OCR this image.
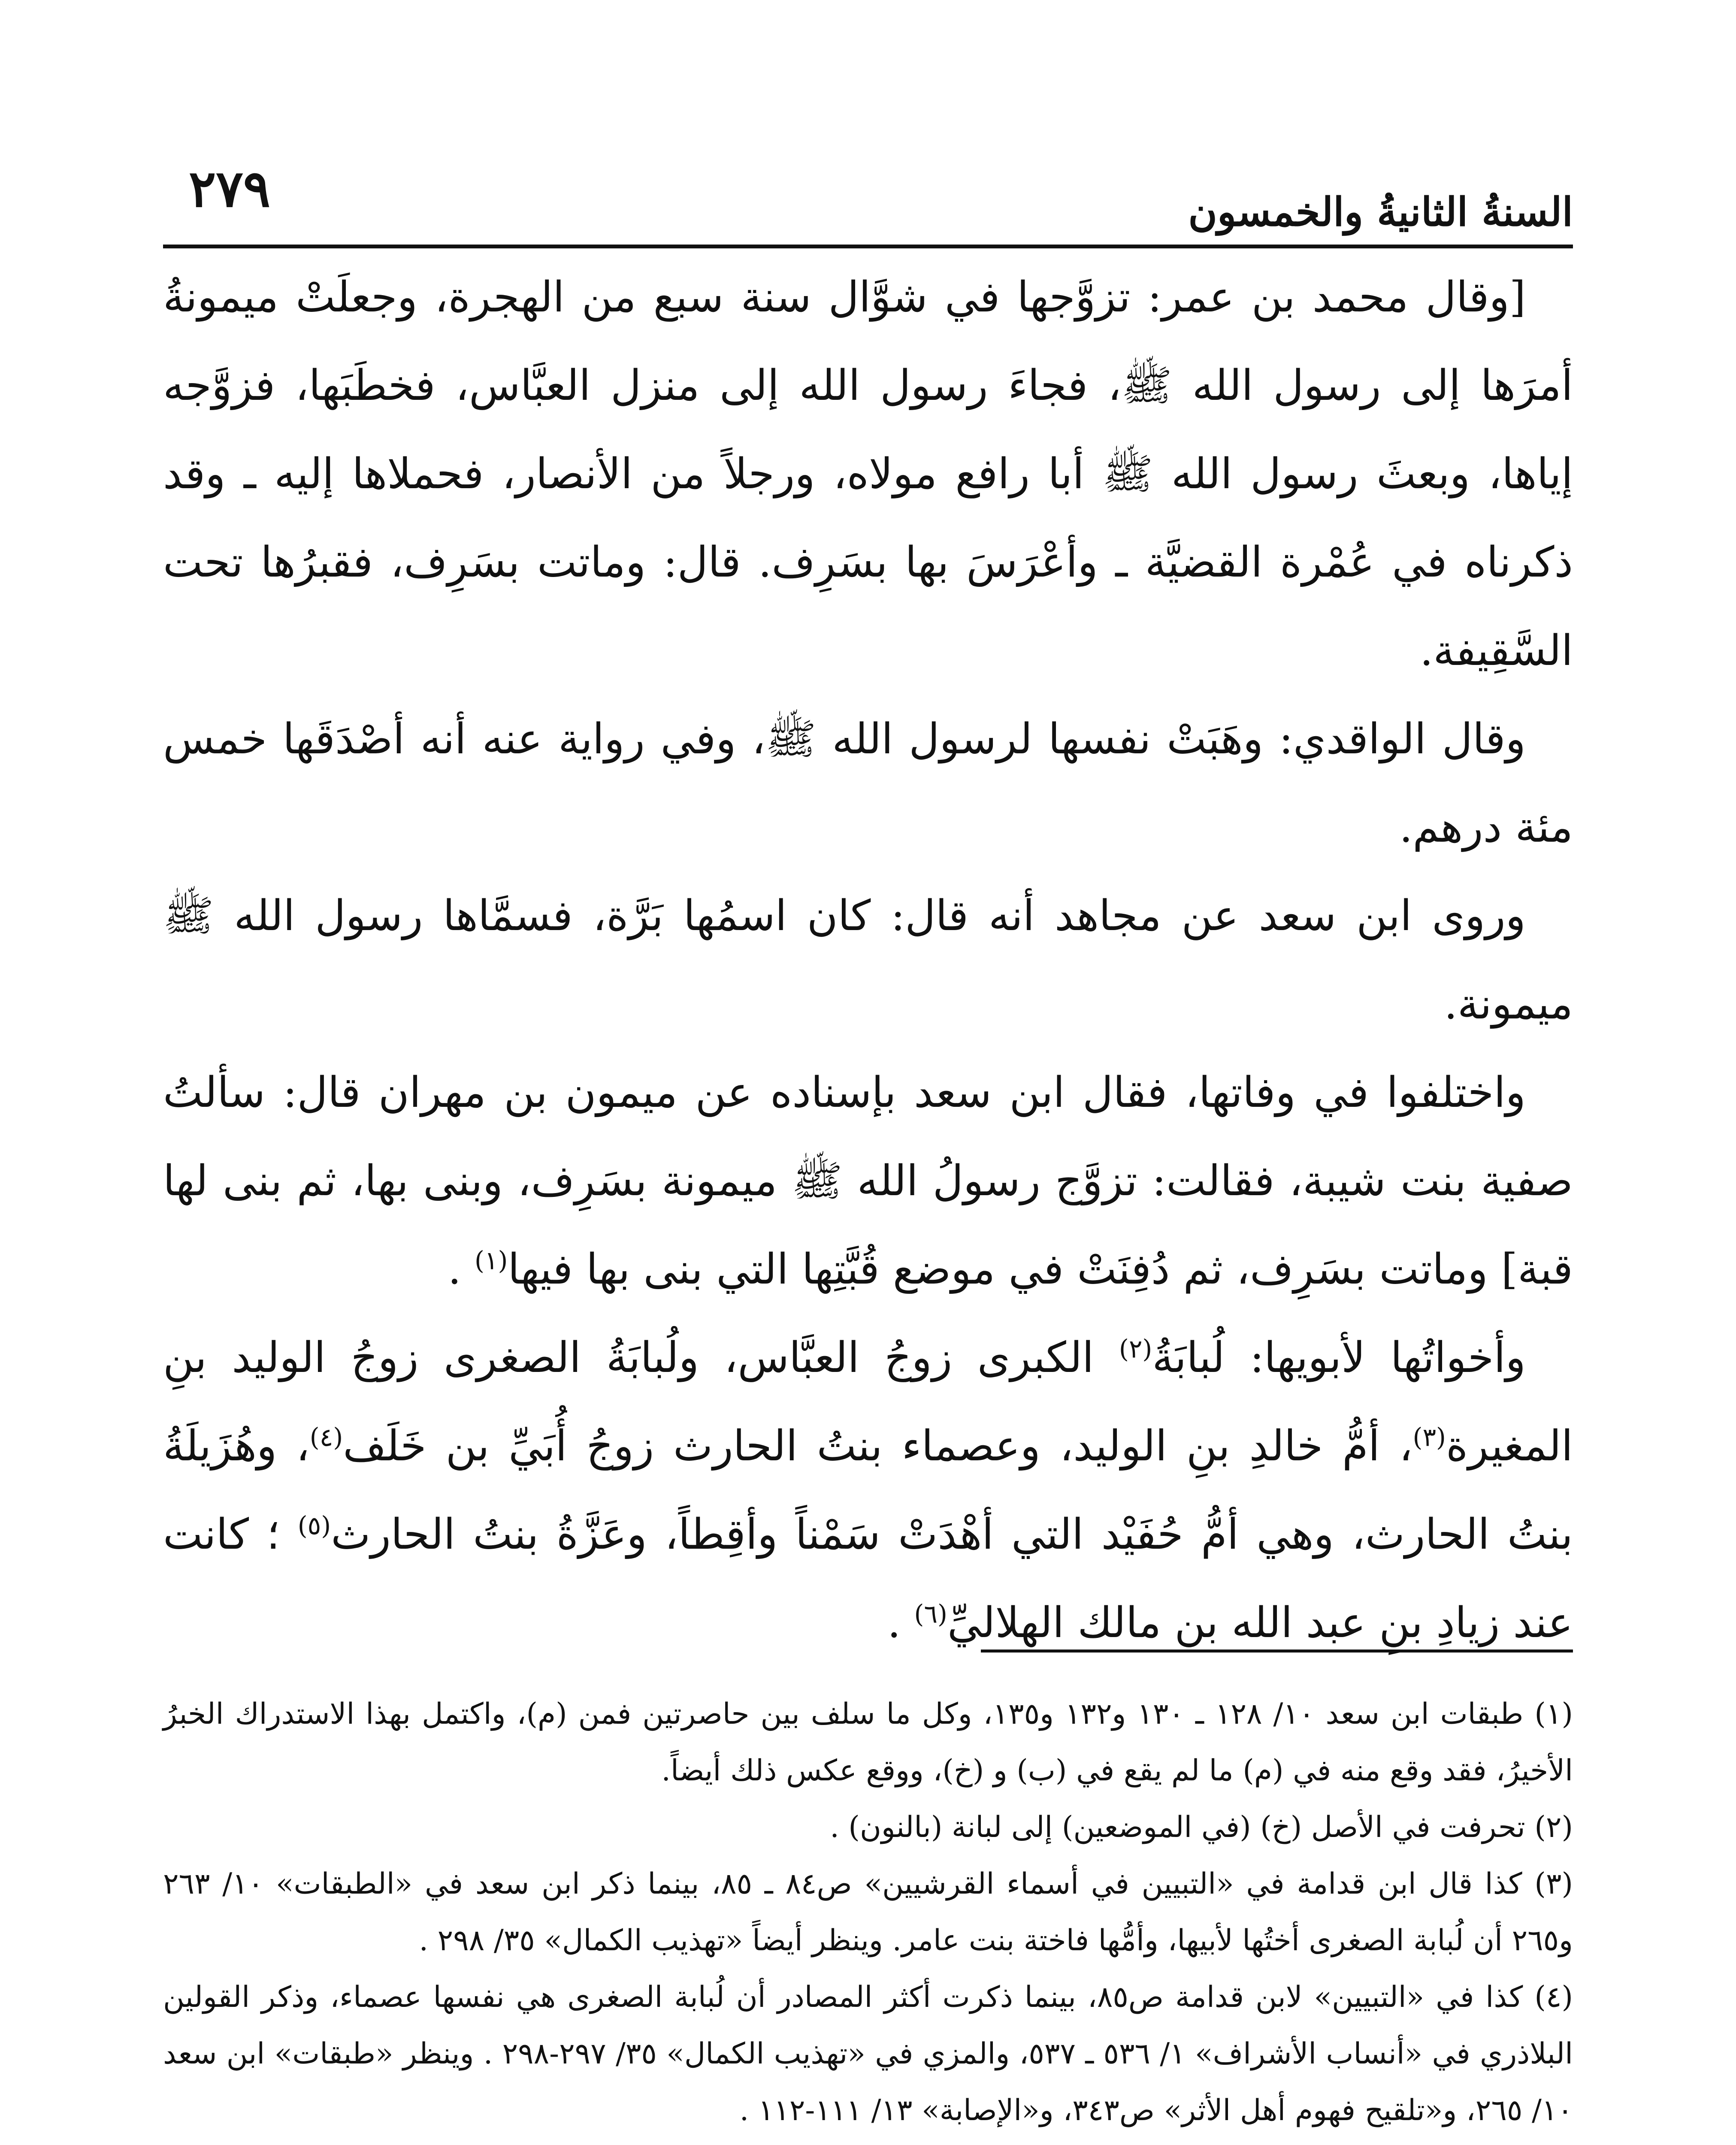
السنةُ الثانيةُ والخمسون
٢٧٩

[وقال محمد بن عمر: تزوَّجها في شوَّال سنة سبع من الهجرة، وجعلَتْ ميمونةُ أمرَها إلى رسول الله ﷺ، فجاءَ رسول الله إلى منزل العبَّاس، فخطَبَها، فزوَّجه إياها، وبعثَ رسول الله ﷺ أبا رافع مولاه، ورجلاً من الأنصار، فحملاها إليه ـ وقد ذكرناه في عُمْرة القضيَّة ـ وأعْرَسَ بها بسَرِف. قال: وماتت بسَرِف، فقبرُها تحت السَّقِيفة.

وقال الواقدي: وهَبَتْ نفسها لرسول الله ﷺ، وفي رواية عنه أنه أصْدَقَها خمس مئة درهم.

وروى ابن سعد عن مجاهد أنه قال: كان اسمُها بَرَّة، فسمَّاها رسول الله ﷺ ميمونة.

واختلفوا في وفاتها، فقال ابن سعد بإسناده عن ميمون بن مهران قال: سألتُ صفية بنت شيبة، فقالت: تزوَّج رسولُ الله ﷺ ميمونة بسَرِف، وبنى بها، ثم بنى لها قبة] وماتت بسَرِف، ثم دُفِنَتْ في موضع قُبَّتِها التي بنى بها فيها$^{(١)}$ .

وأخواتُها لأبويها: لُبابَةُ$^{(٢)}$ الكبرى زوجُ العبَّاس، ولُبابَةُ الصغرى زوجُ الوليد بنِ المغيرة$^{(٣)}$، أمُّ خالدِ بنِ الوليد، وعصماء بنتُ الحارث زوجُ أُبَيِّ بن خَلَف$^{(٤)}$، وهُزَيلَةُ بنتُ الحارث، وهي أمُّ حُفَيْد التي أهْدَتْ سَمْناً وأقِطاً، وعَزَّةُ بنتُ الحارث$^{(٥)}$ ؛ كانت عند زيادِ بنِ عبد الله بن مالك الهلاليِّ$^{(٦)}$ .

(١) طبقات ابن سعد ١٠/ ١٢٨ ـ ١٣٠ و١٣٢ و١٣٥، وكل ما سلف بين حاصرتين فمن (م)، واكتمل بهذا الاستدراك الخبرُ الأخيرُ، فقد وقع منه في (م) ما لم يقع في (ب) و (خ)، ووقع عكس ذلك أيضاً.

(٢) تحرفت في الأصل (خ) (في الموضعين) إلى لبانة (بالنون) .

(٣) كذا قال ابن قدامة في «التبيين في أسماء القرشيين» ص٨٤ ـ ٨٥، بينما ذكر ابن سعد في «الطبقات» ١٠/ ٢٦٣ و٢٦٥ أن لُبابة الصغرى أختُها لأبيها، وأمُّها فاختة بنت عامر. وينظر أيضاً «تهذيب الكمال» ٣٥/ ٢٩٨ .

(٤) كذا في «التبيين» لابن قدامة ص٨٥، بينما ذكرت أكثر المصادر أن لُبابة الصغرى هي نفسها عصماء، وذكر القولين البلاذري في «أنساب الأشراف» ١/ ٥٣٦ ـ ٥٣٧، والمزي في «تهذيب الكمال» ٣٥/ ٢٩٧-٢٩٨ . وينظر «طبقات» ابن سعد ١٠/ ٢٦٥، و«تلقيح فهوم أهل الأثر» ص٣٤٣، و«الإصابة» ١٣/ ١١١-١١٢ .
